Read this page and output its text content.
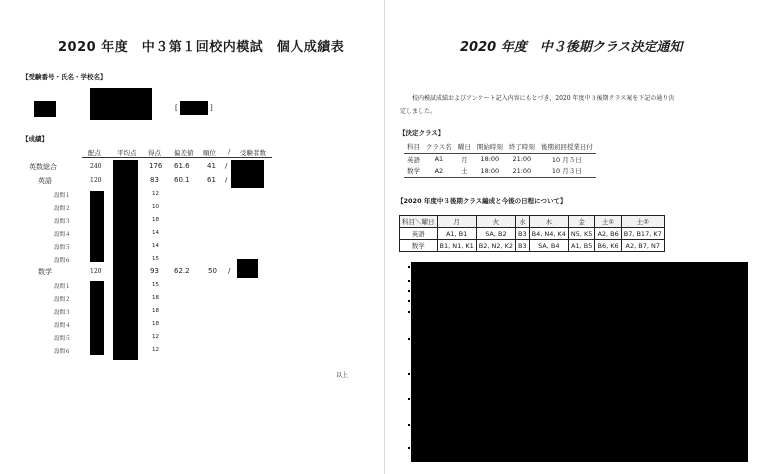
2020 年度　中３第１回校内模試　個人成績表
【受験番号・氏名・学校名】
[	]
【成績】
配点 平均点 得点 偏差値 順位 / 受験者数
英数総合	240	176 61.6 41 /
英語	120	83 60.1 61 /
設問１	12
設問２	10
設問３	18
設問４	14
設問５	14
設問６	15
数学	120	93 62.2	50 /
設問１	15
設問２	18
設問３	18
設問４	18
設問５	12
設問６	12
以上
2020 年度　中３後期クラス決定通知
校内模試成績およびアンケート記入内容にもとづき、2020 年度中３後期クラス案を下記の通り決
定しました。
【決定クラス】
科目	クラス名	曜日	開始時刻	終了時刻	後期初回授業日付
英語	A1	月	18:00	21:00	10 月５日
数学	A2	土	18:00	21:00	10 月３日
【2020 年度中３後期クラス編成と今後の日程について】
科目＼曜日	月	火	水	木	金	土①	土②
英語	A1, B1	SA, B2	B3	B4, N4, K4	N5, K5	A2, B6	B7, B17, K7
数学	B1, N1, K1	B2, N2, K2	B3	SA, B4	A1, B5	B6, K6	A2, B7, N7
